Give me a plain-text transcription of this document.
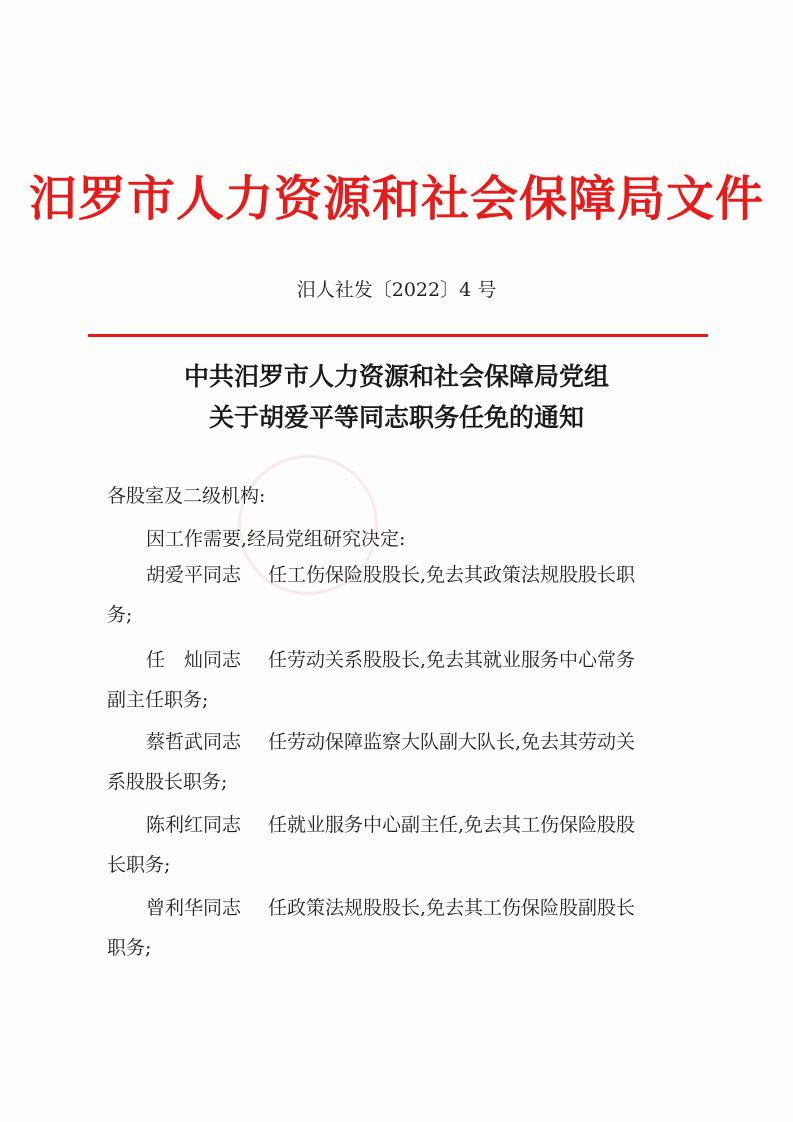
汨罗市人力资源和社会保障局文件
汨人社发〔2022〕4 号
中共汨罗市人力资源和社会保障局党组
关于胡爱平等同志职务任免的通知
各股室及二级机构:
因工作需要,经局党组研究决定:
胡爱平同志 任工伤保险股股长,免去其政策法规股股长职
务;
任　灿同志 任劳动关系股股长,免去其就业服务中心常务
副主任职务;
蔡哲武同志 任劳动保障监察大队副大队长,免去其劳动关
系股股长职务;
陈利红同志 任就业服务中心副主任,免去其工伤保险股股
长职务;
曾利华同志 任政策法规股股长,免去其工伤保险股副股长
职务;
